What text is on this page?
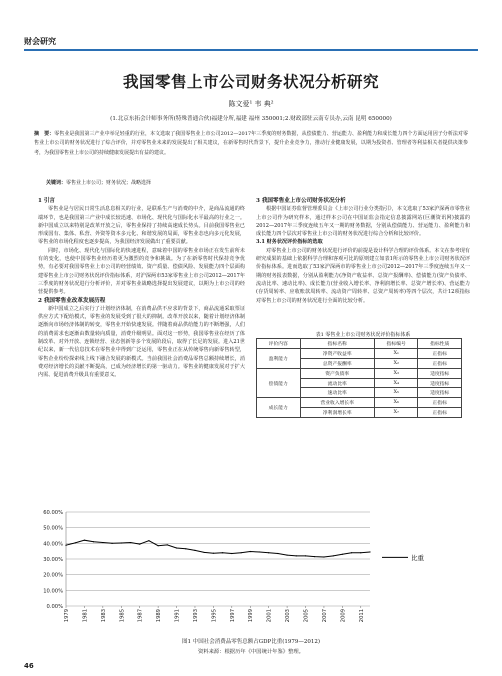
财会研究
我国零售上市公司财务状况分析研究
陈文爱¹ 韦 典²
(1.北京东拓会计师事务所(特殊普通合伙)福建分所,福建 福州 350001;2.财政部驻云南专员办,云南 昆明 650000)
摘　要：零售业是我国第三产业中举足轻重的行业，本文选取了我国零售业上市公司2012—2017年三季度的财务数据，从偿债能力、营运能力、盈利能力和成长能力四个方面运用因子分析法对零售业上市公司的财务状况进行了综合评价，并对零售业未来的发展提出了相关建议，在新零售时代背景下，提升企业竞争力，推动行业健康发展，以期为投资者、管理者等利益相关者提供决策参考，为我国零售业上市公司的持续健康发展提出有益的建议。
关键词：零售业上市公司；财务状况；战略选择

1 引言

零售业是与居民日常生活息息相关的行业，是联系生产与消费的中介，是商品流通的终端环节，也是我国第三产业中成长较迅速、市场化、现代化与国际化水平最高的行业之一。新中国成立以来特别是改革开放之后，零售业保持了持续高速成长势头。目前我国零售业已形成国有、集体、私营、外资等资本多元化、和谐发展的局面，零售业态也向多元化发展，零售业的市场化程度也逐步提高，为我国经济发展做出了重要贡献。

同时，市场化、现代化与国际化的快速进程，意味着中国的零售业市场正在发生前所未有的变化，也使中国零售业经历着更为激烈的竞争和挑战。为了在新零售时代保持竞争优势，有必要对我国零售业上市公司的经营绩效、资产质量、偿债风险、发展能力四个层面构建零售业上市公司财务状况评价指标体系，对沪深两市53家零售业上市公司2012—2017年三季度的财务状况进行分析评价，并对零售业战略选择提出发展建议，以期为上市公司的经营提供参考。

2 我国零售业改革发展历程

新中国成立之后实行了计划经济体制，在消费品供不应求的背景下，商品流通采取票证供应方式下配给模式，零售业的发展受到了很大的抑制。改革开放以来，随着计划经济体制逐渐向市场经济体制的转变，零售业开始快速发展。伴随着商品供给能力的不断增强，人们的消费需求也逐渐由数量转向质量，消费升级明显。面对这一形势，我国零售业在经历了体制改革、对外开放、连锁经营、业态创新等多个发展阶段后，取得了长足的发展。进入21世纪以来，新一代信息技术在零售业中得到广泛运用，零售业正在从传统零售向新零售转型，零售企业纷纷探索线上线下融合发展的新模式。当前我国社会消费品零售总额持续增长，消费对经济增长的贡献不断提高，已成为经济增长的第一驱动力。零售业的健康发展对于扩大内需、促进消费升级具有重要意义。

3 我国零售业上市公司财务状况分析

根据中国证券监督管理委员会《上市公司行业分类指引》，本文选取了53家沪深两市零售业上市公司作为研究样本，通过样本公司在中国证监会指定信息披露网站(巨潮资讯网)披露的2012—2017年三季度连续五年又一期的财务数据，分别从偿债能力、营运能力、盈利能力和成长能力四个层次对零售业上市公司的财务状况进行综合分析和比较评价。

3.1 财务状况评价指标的选取

对零售业上市公司的财务状况进行评价的前提是设计科学合理的评价体系。本文在参考现有研究成果的基础上依据科学合理和客观可比的原则建立如表1所示的零售业上市公司财务状况评价指标体系。进而选取了53家沪深两市的零售业上市公司2012—2017年三季度连续五年又一期的财务报表数据，分别从盈利能力(净资产收益率、总资产报酬率)、偿债能力(资产负债率、流动比率、速动比率)、成长能力(营业收入增长率、净利润增长率、总资产增长率)、营运能力(存货周转率、应收账款周转率、流动资产周转率、总资产周转率)等四个层次，共计12项指标对零售上市公司的财务状况进行全面的比较分析。

表1 零售业上市公司财务状况评价指标体系
评价内容	指标名称	指标编号	指标性质
盈利能力	净资产收益率	X₁	正指标
	总资产报酬率	X₂	正指标
偿债能力	资产负债率	X₃	适度指标
	流动比率	X₄	适度指标
	速动比率	X₅	适度指标
成长能力	营业收入增长率	X₆	正指标
	净利润增长率	X₇	正指标
0.00%
10.00%
20.00%
30.00%
40.00%
50.00%
60.00%
1979 1981 1983 1985 1987 1989 1991 1993 1995 1997 1999 2001 2003 2005 2007 2009 2011
比重
图1 中国社会消费品零售总额占GDP比重(1979—2012)
资料来源：根据历年《中国统计年鉴》整理。
46
